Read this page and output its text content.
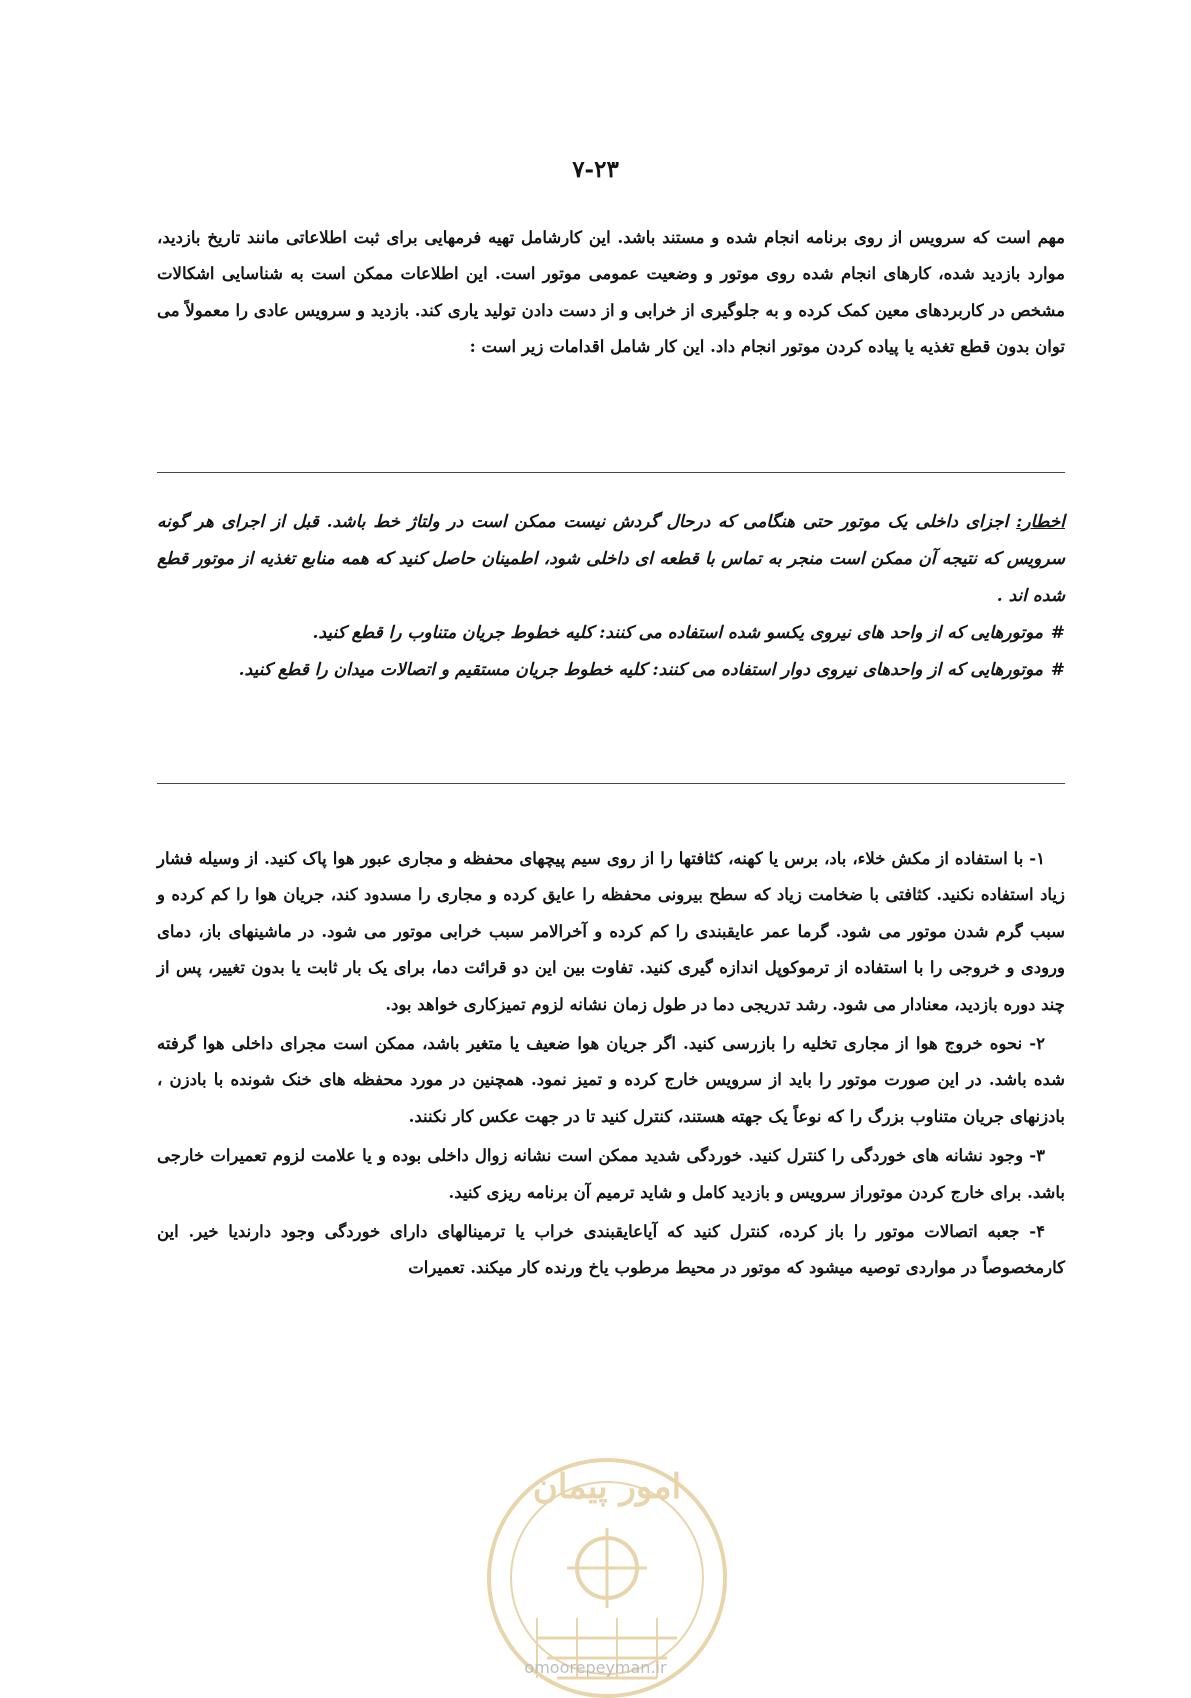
۷-۲۳

مهم است که سرویس از روی برنامه انجام شده و مستند باشد. این کارشامل تهیه فرمهایی برای ثبت اطلاعاتی مانند تاریخ بازدید، موارد بازدید شده، کارهای انجام شده روی موتور و وضعیت عمومی موتور است. این اطلاعات ممکن است به شناسایی اشکالات مشخص در کاربردهای معین کمک کرده و به جلوگیری از خرابی و از دست دادن تولید یاری کند. بازدید و سرویس عادی را معمولاً می توان بدون قطع تغذیه یا پیاده کردن موتور انجام داد. این کار شامل اقدامات زیر است :

اخطار: اجزای داخلی یک موتور حتی هنگامی که درحال گردش نیست ممکن است در ولتاژ خط باشد. قبل از اجرای هر گونه سرویس که نتیجه آن ممکن است منجر به تماس با قطعه ای داخلی شود، اطمینان حاصل کنید که همه منابع تغذیه از موتور قطع شده اند .
#موتورهایی که از واحد های نیروی یکسو شده استفاده می کنند: کلیه خطوط جریان متناوب را قطع کنید.
#موتورهایی که از واحدهای نیروی دوار استفاده می کنند: کلیه خطوط جریان مستقیم و اتصالات میدان را قطع کنید.

۱- با استفاده از مکش خلاء، باد، برس یا کهنه، کثافتها را از روی سیم پیچهای محفظه و مجاری عبور هوا پاک کنید. از وسیله فشار زیاد استفاده نکنید. کثافتی با ضخامت زیاد که سطح بیرونی محفظه را عایق کرده و مجاری را مسدود کند، جریان هوا را کم کرده و سبب گرم شدن موتور می شود. گرما عمر عایقبندی را کم کرده و آخرالامر سبب خرابی موتور می شود. در ماشینهای باز، دمای ورودی و خروجی را با استفاده از ترموکوپل اندازه گیری کنید. تفاوت بین این دو قرائت دما، برای یک بار ثابت یا بدون تغییر، پس از چند دوره بازدید، معنادار می شود. رشد تدریجی دما در طول زمان نشانه لزوم تمیزکاری خواهد بود.

۲- نحوه خروج هوا از مجاری تخلیه را بازرسی کنید. اگر جریان هوا ضعیف یا متغیر باشد، ممکن است مجرای داخلی هوا گرفته شده باشد. در این صورت موتور را باید از سرویس خارج کرده و تمیز نمود. همچنین در مورد محفظه های خنک شونده با بادزن ، بادزنهای جریان متناوب بزرگ را که نوعاً یک جهته هستند، کنترل کنید تا در جهت عکس کار نکنند.

۳- وجود نشانه های خوردگی را کنترل کنید. خوردگی شدید ممکن است نشانه زوال داخلی بوده و یا علامت لزوم تعمیرات خارجی باشد. برای خارج کردن موتوراز سرویس و بازدید کامل و شاید ترمیم آن برنامه ریزی کنید.

۴- جعبه اتصالات موتور را باز کرده، کنترل کنید که آیاعایقبندی خراب یا ترمینالهای دارای خوردگی وجود دارندیا خیر. این کارمخصوصاً در مواردی توصیه میشود که موتور در محیط مرطوب یاخ ورنده کار میکند. تعمیرات

امور پیمان
omoorepeyman.ir
